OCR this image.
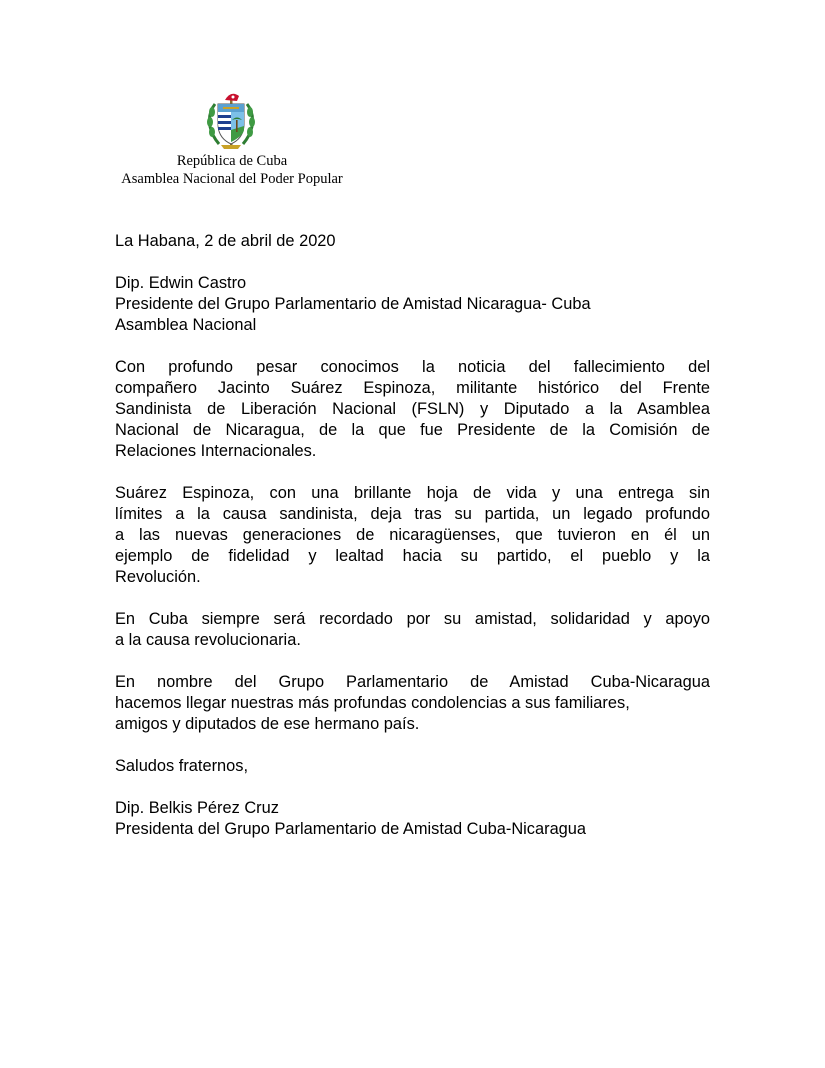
República de Cuba
Asamblea Nacional del Poder Popular
La Habana, 2 de abril de 2020
Dip. Edwin Castro
Presidente del Grupo Parlamentario de Amistad Nicaragua- Cuba
Asamblea Nacional
Con profundo pesar conocimos la noticia del fallecimiento del
compañero Jacinto Suárez Espinoza, militante histórico del Frente
Sandinista de Liberación Nacional (FSLN) y Diputado a la Asamblea
Nacional de Nicaragua, de la que fue Presidente de la Comisión de
Relaciones Internacionales.
Suárez Espinoza, con una brillante hoja de vida y una entrega sin
límites a la causa sandinista, deja tras su partida, un legado profundo
a las nuevas generaciones de nicaragüenses, que tuvieron en él un
ejemplo de fidelidad y lealtad hacia su partido, el pueblo y la
Revolución.
En Cuba siempre será recordado por su amistad, solidaridad y apoyo
a la causa revolucionaria.
En nombre del Grupo Parlamentario de Amistad Cuba-Nicaragua
hacemos llegar nuestras más profundas condolencias a sus familiares,
amigos y diputados de ese hermano país.
Saludos fraternos,
Dip. Belkis Pérez Cruz
Presidenta del Grupo Parlamentario de Amistad Cuba-Nicaragua
